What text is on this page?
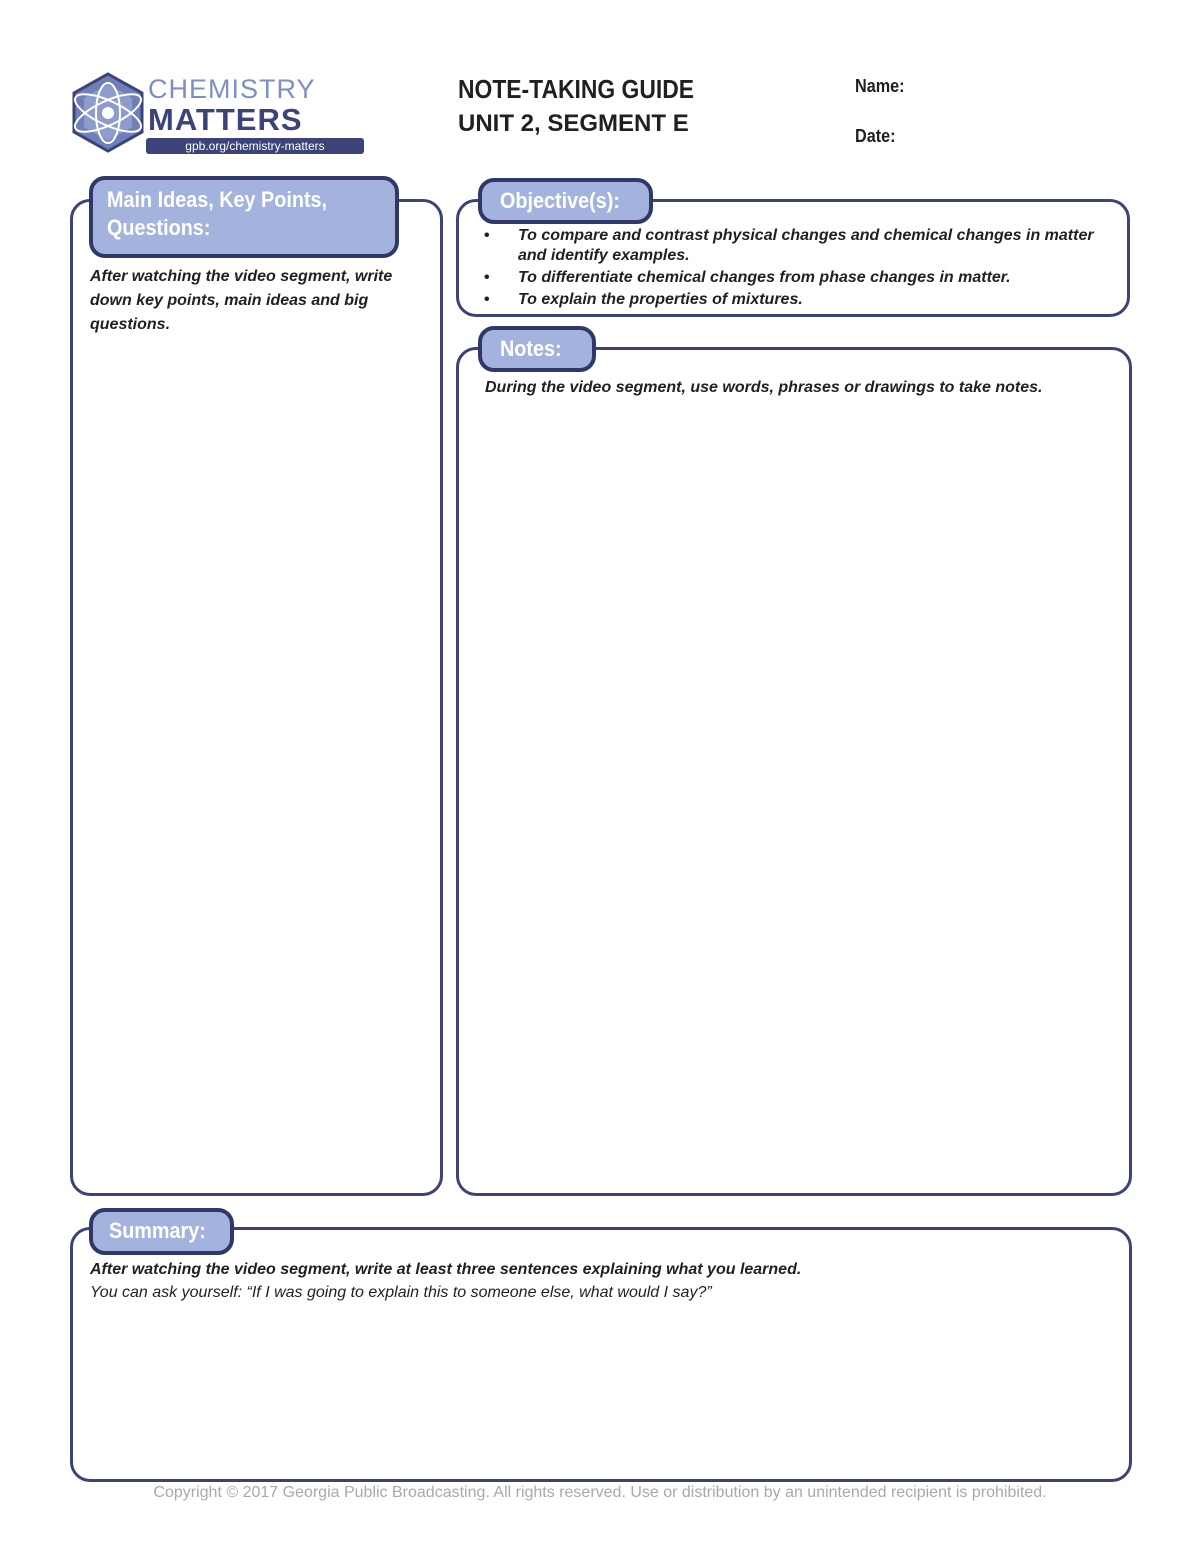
CHEMISTRY
MATTERS
gpb.org/chemistry-matters
NOTE-TAKING GUIDE
UNIT 2, SEGMENT E
Name:
Date:
Main Ideas, Key Points,
Questions:
After watching the video segment, write down key points, main ideas and big questions.
Objective(s):
• To compare and contrast physical changes and chemical changes in matter and identify examples.
• To differentiate chemical changes from phase changes in matter.
• To explain the properties of mixtures.
Notes:
During the video segment, use words, phrases or drawings to take notes.
Summary:
After watching the video segment, write at least three sentences explaining what you learned.
You can ask yourself: “If I was going to explain this to someone else, what would I say?”
Copyright © 2017 Georgia Public Broadcasting. All rights reserved. Use or distribution by an unintended recipient is prohibited.
